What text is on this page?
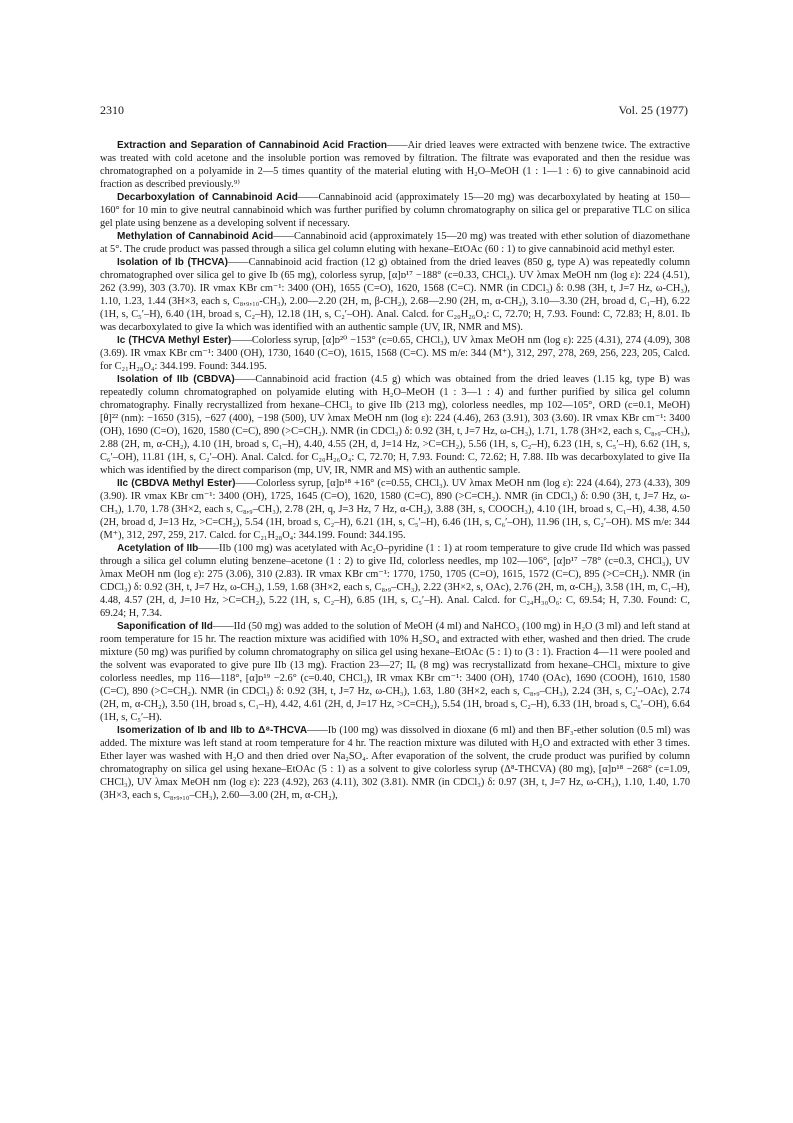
2310	Vol. 25 (1977)

Extraction and Separation of Cannabinoid Acid Fraction——Air dried leaves were extracted with benzene twice. The extractive was treated with cold acetone and the insoluble portion was removed by filtration. The filtrate was evaporated and then the residue was chromatographed on a polyamide in 2—5 times quantity of the material eluting with H₂O–MeOH (1 : 1—1 : 6) to give cannabinoid acid fraction as described previously.⁹⁾

Decarboxylation of Cannabinoid Acid——Cannabinoid acid (approximately 15—20 mg) was decarboxylated by heating at 150—160° for 10 min to give neutral cannabinoid which was further purified by column chromatography on silica gel or preparative TLC on silica gel plate using benzene as a developing solvent if necessary.

Methylation of Cannabinoid Acid——Cannabinoid acid (approximately 15—20 mg) was treated with ether solution of diazomethane at 5°. The crude product was passed through a silica gel column eluting with hexane–EtOAc (60 : 1) to give cannabinoid acid methyl ester.

Isolation of Ib (THCVA)——Cannabinoid acid fraction (12 g) obtained from the dried leaves (850 g, type A) was repeatedly column chromatographed over silica gel to give Ib (65 mg), colorless syrup, [α]ᴅ¹⁷ −188° (c=0.33, CHCl₃). UV λmax MeOH nm (log ε): 224 (4.51), 262 (3.99), 303 (3.70). IR νmax KBr cm⁻¹: 3400 (OH), 1655 (C=O), 1620, 1568 (C=C). NMR (in CDCl₃) δ: 0.98 (3H, t, J=7 Hz, ω-CH₃), 1.10, 1.23, 1.44 (3H×3, each s, C₈,₉,₁₀-CH₃), 2.00—2.20 (2H, m, β-CH₂), 2.68—2.90 (2H, m, α-CH₂), 3.10—3.30 (2H, broad d, C₁–H), 6.22 (1H, s, C₅′–H), 6.40 (1H, broad s, C₂–H), 12.18 (1H, s, C₂′–OH). Anal. Calcd. for C₂₀H₂₆O₄: C, 72.70; H, 7.93. Found: C, 72.83; H, 8.01. Ib was decarboxylated to give Ia which was identified with an authentic sample (UV, IR, NMR and MS).

Ic (THCVA Methyl Ester)——Colorless syrup, [α]ᴅ²⁰ −153° (c=0.65, CHCl₃), UV λmax MeOH nm (log ε): 225 (4.31), 274 (4.09), 308 (3.69). IR νmax KBr cm⁻¹: 3400 (OH), 1730, 1640 (C=O), 1615, 1568 (C=C). MS m/e: 344 (M⁺), 312, 297, 278, 269, 256, 223, 205, Calcd. for C₂₁H₂₈O₄: 344.199. Found: 344.195.

Isolation of IIb (CBDVA)——Cannabinoid acid fraction (4.5 g) which was obtained from the dried leaves (1.15 kg, type B) was repeatedly column chromatographed on polyamide eluting with H₂O–MeOH (1 : 3—1 : 4) and further purified by silica gel column chromatography. Finally recrystallized from hexane–CHCl₃ to give IIb (213 mg), colorless needles, mp 102—105°, ORD (c=0.1, MeOH) [θ]²² (nm): −1650 (315), −627 (400), −198 (500), UV λmax MeOH nm (log ε): 224 (4.46), 263 (3.91), 303 (3.60). IR νmax KBr cm⁻¹: 3400 (OH), 1690 (C=O), 1620, 1580 (C=C), 890 (>C=CH₂). NMR (in CDCl₃) δ: 0.92 (3H, t, J=7 Hz, ω-CH₃), 1.71, 1.78 (3H×2, each s, C₈,₉–CH₃), 2.88 (2H, m, α-CH₂), 4.10 (1H, broad s, C₁–H), 4.40, 4.55 (2H, d, J=14 Hz, >C=CH₂), 5.56 (1H, s, C₂–H), 6.23 (1H, s, C₅′–H), 6.62 (1H, s, C₆′–OH), 11.81 (1H, s, C₂′–OH). Anal. Calcd. for C₂₀H₂₆O₄: C, 72.70; H, 7.93. Found: C, 72.62; H, 7.88. IIb was decarboxylated to give IIa which was identified by the direct comparison (mp, UV, IR, NMR and MS) with an authentic sample.

IIc (CBDVA Methyl Ester)——Colorless syrup, [α]ᴅ¹⁸ +16° (c=0.55, CHCl₃). UV λmax MeOH nm (log ε): 224 (4.64), 273 (4.33), 309 (3.90). IR νmax KBr cm⁻¹: 3400 (OH), 1725, 1645 (C=O), 1620, 1580 (C=C), 890 (>C=CH₂). NMR (in CDCl₃) δ: 0.90 (3H, t, J=7 Hz, ω-CH₃), 1.70, 1.78 (3H×2, each s, C₈,₉–CH₃), 2.78 (2H, q, J=3 Hz, 7 Hz, α-CH₂), 3.88 (3H, s, COOCH₃), 4.10 (1H, broad s, C₁–H), 4.38, 4.50 (2H, broad d, J=13 Hz, >C=CH₂), 5.54 (1H, broad s, C₂–H), 6.21 (1H, s, C₅′–H), 6.46 (1H, s, C₆′–OH), 11.96 (1H, s, C₂′–OH). MS m/e: 344 (M⁺), 312, 297, 259, 217. Calcd. for C₂₁H₂₈O₄: 344.199. Found: 344.195.

Acetylation of IIb——IIb (100 mg) was acetylated with Ac₂O–pyridine (1 : 1) at room temperature to give crude IId which was passed through a silica gel column eluting benzene–acetone (1 : 2) to give IId, colorless needles, mp 102—106°, [α]ᴅ¹⁷ −78° (c=0.3, CHCl₃), UV λmax MeOH nm (log ε): 275 (3.06), 310 (2.83). IR νmax KBr cm⁻¹: 1770, 1750, 1705 (C=O), 1615, 1572 (C=C), 895 (>C=CH₂). NMR (in CDCl₃) δ: 0.92 (3H, t, J=7 Hz, ω-CH₃), 1.59, 1.68 (3H×2, each s, C₈,₉–CH₃), 2.22 (3H×2, s, OAc), 2.76 (2H, m, α-CH₂), 3.58 (1H, m, C₁–H), 4.48, 4.57 (2H, d, J=10 Hz, >C=CH₂), 5.22 (1H, s, C₂–H), 6.85 (1H, s, C₅′–H). Anal. Calcd. for C₂₄H₃₀O₆: C, 69.54; H, 7.30. Found: C, 69.24; H, 7.34.

Saponification of IId——IId (50 mg) was added to the solution of MeOH (4 ml) and NaHCO₃ (100 mg) in H₂O (3 ml) and left stand at room temperature for 15 hr. The reaction mixture was acidified with 10% H₂SO₄ and extracted with ether, washed and then dried. The crude mixture (50 mg) was purified by column chromatography on silica gel using hexane–EtOAc (5 : 1) to (3 : 1). Fraction 4—11 were pooled and the solvent was evaporated to give pure IIb (13 mg). Fraction 23—27; IIₑ (8 mg) was recrystallizatd from hexane–CHCl₃ mixture to give colorless needles, mp 116—118°, [α]ᴅ¹⁹ −2.6° (c=0.40, CHCl₃), IR νmax KBr cm⁻¹: 3400 (OH), 1740 (OAc), 1690 (COOH), 1610, 1580 (C=C), 890 (>C=CH₂). NMR (in CDCl₃) δ: 0.92 (3H, t, J=7 Hz, ω-CH₃), 1.63, 1.80 (3H×2, each s, C₈,₉–CH₃), 2.24 (3H, s, C₂′–OAc), 2.74 (2H, m, α-CH₂), 3.50 (1H, broad s, C₁–H), 4.42, 4.61 (2H, d, J=17 Hz, >C=CH₂), 5.54 (1H, broad s, C₂–H), 6.33 (1H, broad s, C₆′–OH), 6.64 (1H, s, C₅′–H).

Isomerization of Ib and IIb to Δ⁸-THCVA——Ib (100 mg) was dissolved in dioxane (6 ml) and then BF₃-ether solution (0.5 ml) was added. The mixture was left stand at room temperature for 4 hr. The reaction mixture was diluted with H₂O and extracted with ether 3 times. Ether layer was washed with H₂O and then dried over Na₂SO₄. After evaporation of the solvent, the crude product was purified by column chromatography on silica gel using hexane–EtOAc (5 : 1) as a solvent to give colorless syrup (Δ⁸-THCVA) (80 mg), [α]ᴅ¹⁸ −268° (c=1.09, CHCl₃), UV λmax MeOH nm (log ε): 223 (4.92), 263 (4.11), 302 (3.81). NMR (in CDCl₃) δ: 0.97 (3H, t, J=7 Hz, ω-CH₃), 1.10, 1.40, 1.70 (3H×3, each s, C₈,₉,₁₀–CH₃), 2.60—3.00 (2H, m, α-CH₂),
